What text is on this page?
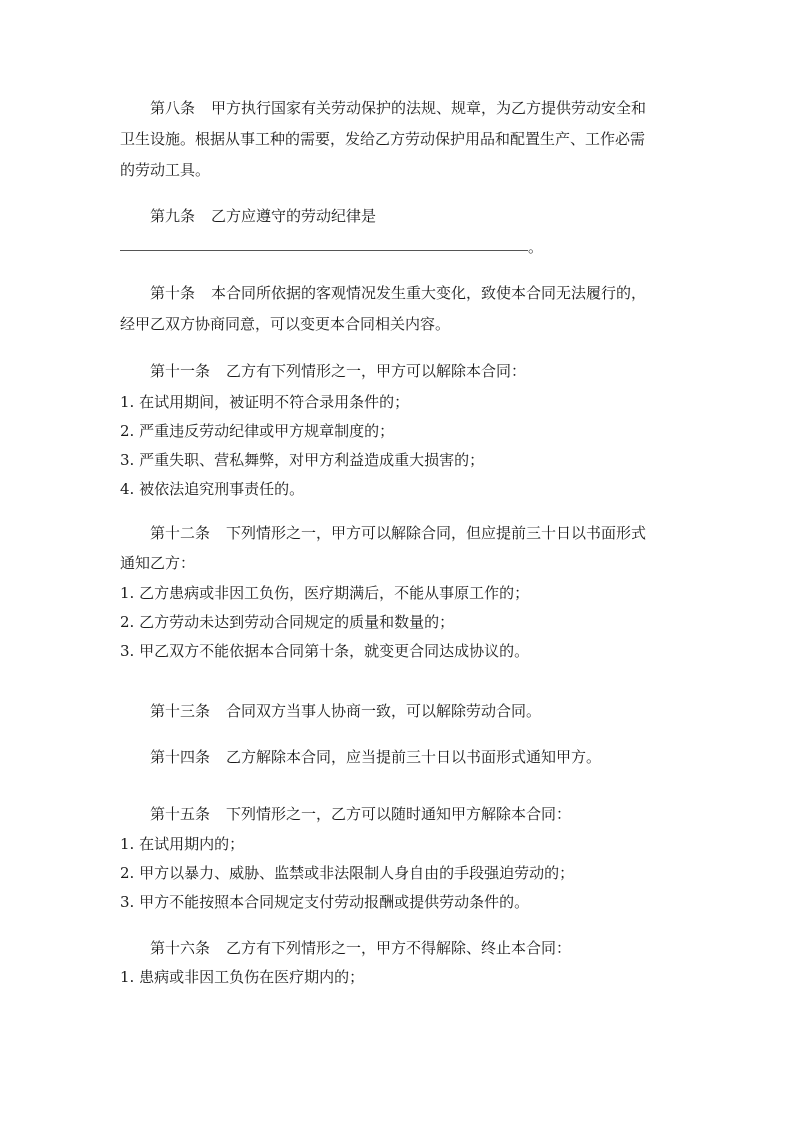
第八条 甲方执行国家有关劳动保护的法规、规章，为乙方提供劳动安全和
卫生设施。根据从事工种的需要，发给乙方劳动保护用品和配置生产、工作必需
的劳动工具。
第九条 乙方应遵守的劳动纪律是
。
第十条 本合同所依据的客观情况发生重大变化，致使本合同无法履行的，
经甲乙双方协商同意，可以变更本合同相关内容。
第十一条 乙方有下列情形之一，甲方可以解除本合同：
1. 在试用期间，被证明不符合录用条件的；
2. 严重违反劳动纪律或甲方规章制度的；
3. 严重失职、营私舞弊，对甲方利益造成重大损害的；
4. 被依法追究刑事责任的。
第十二条 下列情形之一，甲方可以解除合同，但应提前三十日以书面形式
通知乙方：
1. 乙方患病或非因工负伤，医疗期满后，不能从事原工作的；
2. 乙方劳动未达到劳动合同规定的质量和数量的；
3. 甲乙双方不能依据本合同第十条，就变更合同达成协议的。
第十三条 合同双方当事人协商一致，可以解除劳动合同。
第十四条 乙方解除本合同，应当提前三十日以书面形式通知甲方。
第十五条 下列情形之一，乙方可以随时通知甲方解除本合同：
1. 在试用期内的；
2. 甲方以暴力、威胁、监禁或非法限制人身自由的手段强迫劳动的；
3. 甲方不能按照本合同规定支付劳动报酬或提供劳动条件的。
第十六条 乙方有下列情形之一，甲方不得解除、终止本合同：
1. 患病或非因工负伤在医疗期内的；
